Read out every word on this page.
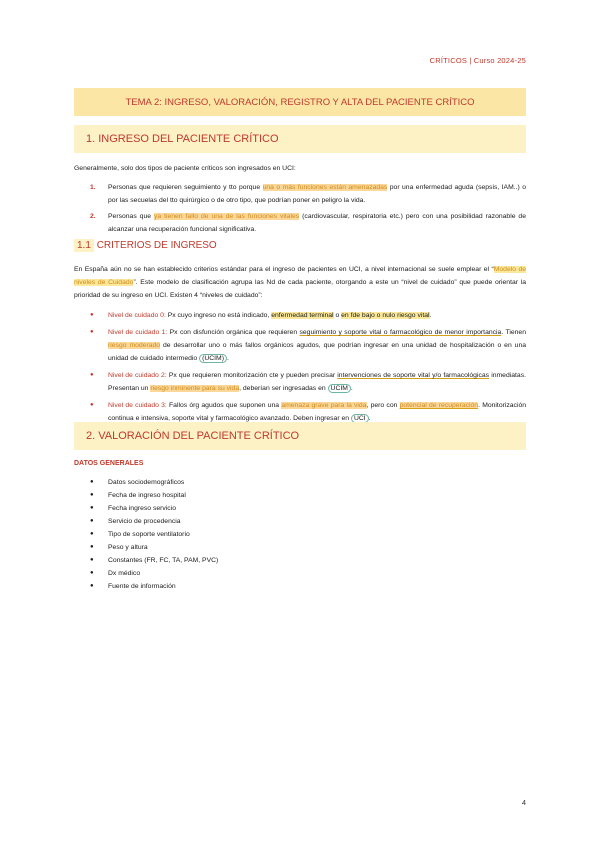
CRÍTICOS | Curso 2024-25
TEMA 2: INGRESO, VALORACIÓN, REGISTRO Y ALTA DEL PACIENTE CRÍTICO
1. INGRESO DEL PACIENTE CRÍTICO

Generalmente, solo dos tipos de paciente críticos son ingresados en UCI:

1. Personas que requieren seguimiento y tto porque una o más funciones están amenazadas por una enfermedad aguda (sepsis, IAM..) o por las secuelas del tto quirúrgico o de otro tipo, que podrían poner en peligro la vida.
2. Personas que ya tienen fallo de una de las funciones vitales (cardiovascular, respiratoria etc.) pero con una posibilidad razonable de alcanzar una recuperación funcional significativa.
1.1 CRITERIOS DE INGRESO

En España aún no se han establecido criterios estándar para el ingreso de pacientes en UCI, a nivel internacional se suele emplear el “Modelo de niveles de Cuidado”. Este modelo de clasificación agrupa las Nd de cada paciente, otorgando a este un “nivel de cuidado” que puede orientar la prioridad de su ingreso en UCI. Existen 4 “niveles de cuidado”:

● Nivel de cuidado 0: Px cuyo ingreso no está indicado, enfermedad terminal o en fde bajo o nulo riesgo vital.
● Nivel de cuidado 1: Px con disfunción orgánica que requieren seguimiento y soporte vital o farmacológico de menor importancia. Tienen riesgo moderado de desarrollar uno o más fallos orgánicos agudos, que podrían ingresar en una unidad de hospitalización o en una unidad de cuidado intermedio (UCIM) .
● Nivel de cuidado 2: Px que requieren monitorización cte y pueden precisar intervenciones de soporte vital y/o farmacológicas inmediatas. Presentan un riesgo inminente para su vida, deberían ser ingresadas en UCIM .
● Nivel de cuidado 3: Fallos órg agudos que suponen una amenaza grave para la vida, pero con potencial de recuperación. Monitorización continua e intensiva, soporte vital y farmacológico avanzado. Deben ingresar en UCI .
2. VALORACIÓN DEL PACIENTE CRÍTICO
DATOS GENERALES
● Datos sociodemográficos
● Fecha de ingreso hospital
● Fecha ingreso servicio
● Servicio de procedencia
● Tipo de soporte ventilatorio
● Peso y altura
● Constantes (FR, FC, TA, PAM, PVC)
● Dx médico
● Fuente de información
4
